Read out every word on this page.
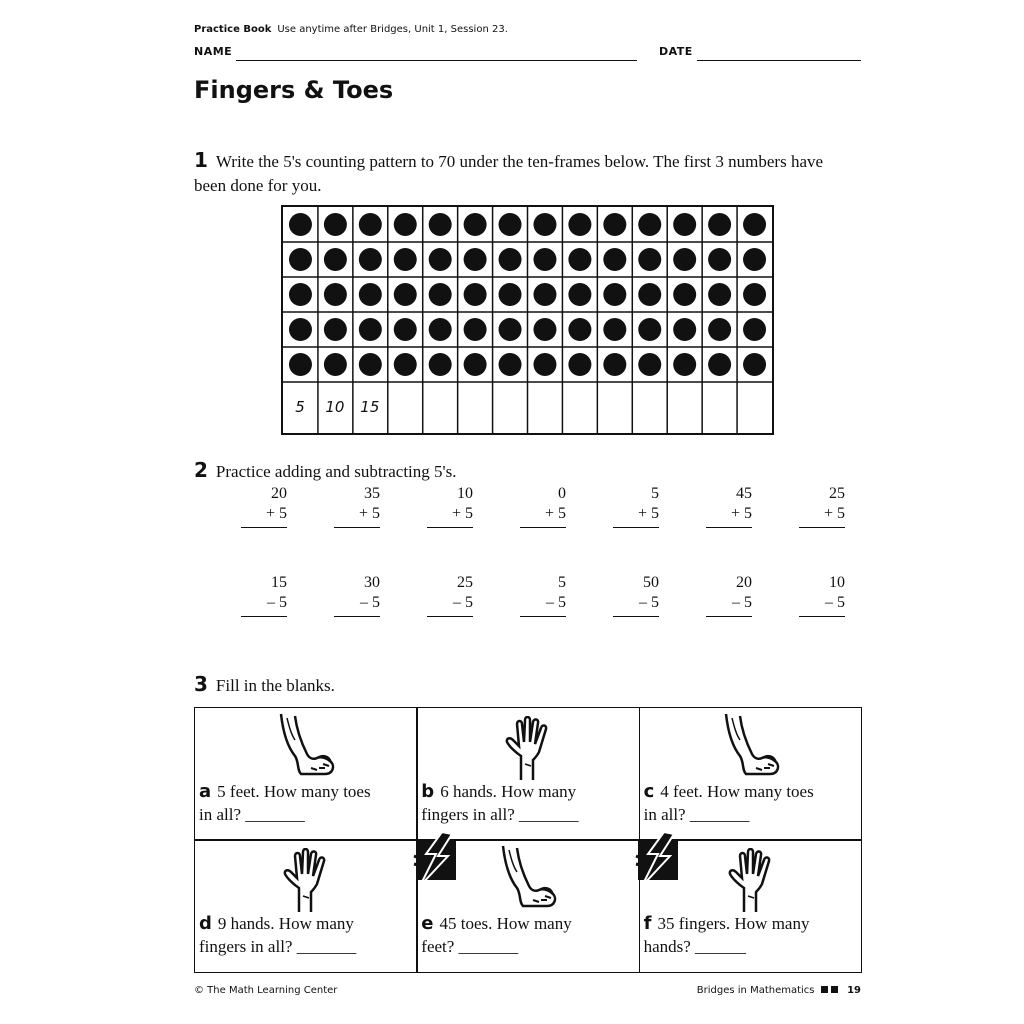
Practice Book Use anytime after Bridges, Unit 1, Session 23.
NAME	DATE
Fingers & Toes
1 Write the 5's counting pattern to 70 under the ten-frames below. The first 3 numbers have been done for you.
5	10	15
2 Practice adding and subtracting 5's.
20
+ 5
35
+ 5
10
+ 5
0
+ 5
5
+ 5
45
+ 5
25
+ 5
15
– 5
30
– 5
25
– 5
5
– 5
50
– 5
20
– 5
10
– 5
3 Fill in the blanks.
a 5 feet. How many toes
in all? _______
b 6 hands. How many
fingers in all? _______
c 4 feet. How many toes
in all? _______
d 9 hands. How many
fingers in all? _______
e 45 toes. How many
feet? _______
f 35 fingers. How many
hands? ______
© The Math Learning Center	Bridges in Mathematics	19
